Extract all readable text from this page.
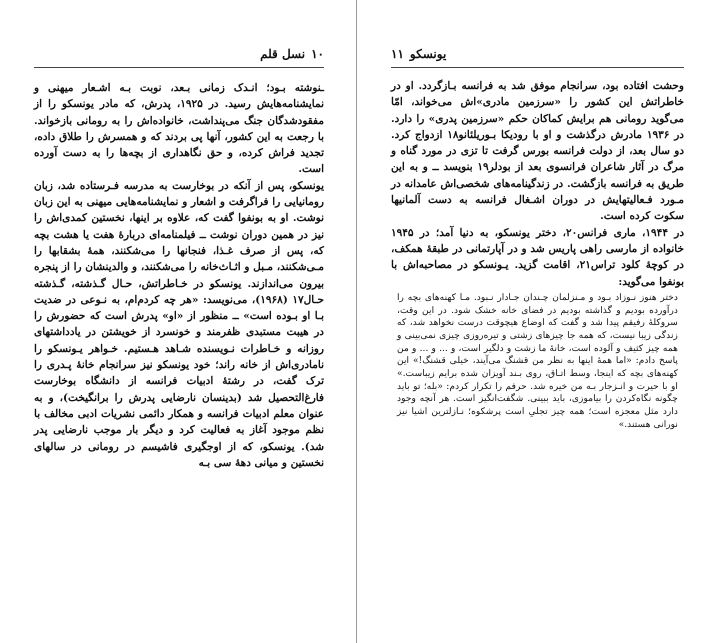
نسل قلم ۱۰

ـنوشته بـود؛ انـدک زمانی بـعد، نوبت بـه اشـعار میهنی و نمایشنامه‌هایش رسید. در ۱۹۲۵، پدرش، که مادر یونسکو را از مفقودشدگان جنگ می‌پنداشت، خانواده‌اش را به رومانی بازخواند. با رجعت به این کشور، آنها پی بردند که و همسرش را طلاق داده، تجدید فراش کرده، و حق نگاهداری از بچه‌ها را به دست آورده است.

یونسکو، پس از آنکه در بوخارست به مدرسه فـرستاده شد، زبان رومانیایی را فراگرفت و اشعار و نمایشنامه‌هایی میهنی به این زبان نوشت. او به بونفوا گفت که، علاوه بر اینها، نخستین کمدی‌اش را نیز در همین دوران نوشت ــ فیلمنامه‌ای دربارهٔ هفت یا هشت بچه که، پس از صرف غـذا، فنجانها را می‌شکنند، همهٔ بشقابها را مـی‌شکنند، مـبل و اثـاث‌خانه را می‌شکنند، و والدینشان را از پنجره بیرون می‌اندازند. یونسکو در خـاطراتش، حـال گـذشته، گـذشته حـال۱۷ (۱۹۶۸)، می‌نویسد: «هر چه کردم‌ام، به نـوعی در ضدیت بـا او بـوده است» ــ منظور از «او» پدرش است که حضورش را در هیبت مستبدی ظفرمند و خونسرد از خویشتن در یادداشتهای روزانه و خـاطرات نـویسنده شـاهد هـستیم. خـواهر یـونسکو را نامادری‌اش از خانه راند؛ خود یونسکو نیز سرانجام خانهٔ پـدری را ترک گفت، در رشتهٔ ادبیات فرانسه از دانشگاه بوخارست فارغ‌التحصیل شد (بدینسان نارضایی پدرش را برانگیخت)، و به عنوان معلم ادبیات فرانسه و همکار دائمی نشریات ادبی مخالف با نظم موجود آغاز به فعالیت کرد و دیگر بار موجب نارضایی پدر شد). یونسکو، که از اوجگیری فاشیسم در رومانی در سالهای نخستین و میانی دههٔ سی بـه

۱۱ یونسکو

وحشت افتاده بود، سرانجام موفق شد به فرانسه بـازگردد. او در خاطراتش این کشور را «سرزمین مادری»اش می‌خواند، امّا می‌گوید رومانی هم برایش کماکان حکم «سرزمین پدری» را دارد. در ۱۹۳۶ مادرش درگذشت و او با رودیکا بـوریلئانو۱۸ ازدواج کرد. دو سال بعد، از دولت فرانسه بورس گرفت تا تزی در مورد گناه و مرگ در آثار شاعران فرانسوی بعد از بودلر۱۹ بنویسد ــ و به این طریق به فرانسه بازگشت. در زندگینامه‌های شخصی‌اش عامدانه در مـورد فـعالیتهایش در دوران اشـغال فرانسه به دست آلمانیها سکوت کرده است.

در ۱۹۴۴، ماری فرانس۲۰، دختر یونسکو، به دنیا آمد؛ در ۱۹۴۵ خانواده از مارسی راهی پاریس شد و در آپارتمانی در طبقهٔ همکف، در کوچهٔ کلود تراس۲۱، اقامت گزید. یـونسکو در مصاحبه‌اش با بونفوا می‌گوید:

دختر هنوز نـوزاد بـود و مـنزلمان چـندان جـادار نـبود. مـا کهنه‌های بچه را درآورده بودیم و گذاشته بودیم در فضای خانه خشک شود. در این وقت، سروکلهٔ رفیقم پیدا شد و گفت که اوضاع هیچوقت درست نخواهد شد، که زندگی زیبا نیست، که همه جا چیزهای زشتی و تیره‌روزی چیزی نمی‌بینی و همه چیز کثیف و آلوده است، خانهٔ ما زشت و دلگیر است، و ... و ... و من پاسخ دادم: «اما همهٔ اینها به نظر من قشنگ می‌آیند، خیلی قشنگ!» این کهنه‌های بچه که اینجا، وسط اتـاق، روی بـند آویزان شده برایم زیباست.» او با حیرت و انـزجار بـه من خیره شد. حرفم را تکرار کردم: «بله؛ تو باید چگونه نگاه‌کردن را بیاموزی، باید ببینی. شگفت‌انگیز است. هر آنچه وجود دارد مثل معجزه است؛ همه چیز تجلیِ است پرشکوه؛ نـازلترین اشیا نیز نورانی هستند.»
